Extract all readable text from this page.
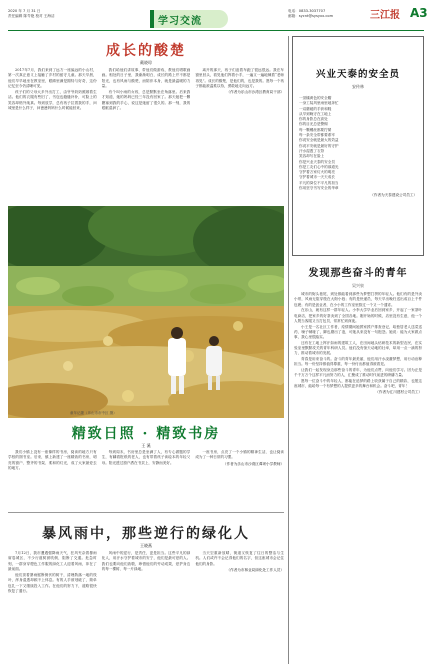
2020 年 7 月 31 日
责任编辑 陈苓艳 校对 王海洁	学习交流
电话：0833-3037707
邮箱：sycnt@sysyxx.com	三江报 A3
成长的酸楚
戴晓琼
2017年7月，我们来到了远方一座偏远的小山村，第一次真正意义上接触了乡村的留守儿童。那天早晨，他们早早地坐在教室里，眼睛里满是期待与好奇，这份记忆至今仍清晰可见。
孩子们的父母大多外出打工，由爷爷奶奶照顾着生活。他们的衣服有些旧了，书包也缝缝补补，可脸上的笑容却格外纯真。每到放学，总有孩子拉着我的手，问城里是什么样子，问爸爸妈妈什么时候能回来。
我们给他们讲故事、带他们做游戏、教他们唱歌画画。相处的日子里，我渐渐明白，成长的路上并不都是阳光，也有风雨与酸楚，而陪伴本身，就是最温暖的力量。
有个叫小雨的女孩，总是默默坐在角落里。后来我才知道，她的妈妈已经三年没有回家了。那天她把一颗糖塞到我的手心，说这是她留了很久的。那一刻，我的眼眶湿润了。
离开的那天，孩子们追着车跑了很远很远。我在车窗里回头，看见他们挥着小手，一遍又一遍地喊着“老师再见”。成长的酸楚，是他们的，也是我的。愿每一个孩子都能被温柔以待，勇敢地走向远方。
（作者为乐山市沙湾区教育局干部）
童年记趣（乐山市市中区 摄）
精致日照 · 精致书房
王 溪
我们小镇上没有一座像样的书房，阅读的地方只有学校的图书室。后来，镇上新建了一座精致的书房，明亮的窗户、整齐的书架、柔和的灯光，成了大家最爱去的地方。
每到周末，书房里总是坐满了人，有专心做题的学生，有翻看报纸的老人，也有带着孩子读绘本的年轻父母。阳光透过窗户洒在书页上，安静而美好。
一座书房，点亮了一个小镇的精神生活，也让阅读成为了一种日常的习惯。
（作者为乐山市沙湾区谭坝小学教师）
暴风雨中，那些逆行的绿化人
王晓燕
7月12日，我市遭遇强降雨天气，狂风夹杂着暴雨席卷城区，不少行道树被吹倒，阻断了交通。危急时刻，一群身穿橙色工作服的绿化工人迎着风雨，冲在了最前面。
他们顶着暴雨锯断倒伏的树干，清理散落一地的枝叶，浑身湿透却顾不上休息。有的人手被划破了，简单包扎一下又继续投入工作。在他们的努力下，道路很快恢复了通行。
风雨中的逆行，是责任，更是担当。这些平凡的绿化人，用汗水守护着城市的安宁，他们是最可爱的人。我们也要向他们致敬，珍惜他们的劳动成果，爱护身边的每一棵树、每一片绿地。
当天空重新放晴，街道又恢复了往日的整洁与生机。人们或许不会记得他们的名字，但这座城市会记住他们的身影。
（作者为市林业局绿化处工作人员）
兴业天泰的安全员
安传林
一顶橘黄色的安全帽
一身工装风里雨里地奔忙
一双磨破的手套和鞋
从早到晚守在工地上
你的身影总在高处
你的目光总是警惕
每一颗螺丝都要拧紧
每一条安全带都要系牢
你说安全就是最大的效益
你说平安就是最好的守护
汗水湿透了衣背
笑容却写在脸上
你是兴业天泰的安全员
你是工友们心中的那道光
守护着万家灯火的明亮
守护着城市一天天成长
平凡的岗位不平凡的担当
你用坚守书写安全的华章
（作者为天泰建设公司员工）
发现那些奋斗的青年
吴兴泉
城市的街头巷尾，到处都能看到那些为梦想打拼的年轻人。他们有的是外卖小哥，风雨无阻穿梭在大街小巷；有的是快递员，每天早出晚归送出成百上千件包裹；有的是创业者，在小小的工作室里熬过一个又一个通宵。
在乐山，就有这样一群年轻人。小李大学毕业后回到家乡，开起了一家茶叶电商店，把家乡的好茶卖到了全国各地。刚开始的时候，店里没有生意，他一个人既当客服又当打包员，常常忙到深夜。
小王是一名社区工作者，疫情期间她挨家挨户排查登记，给独居老人送菜送药，嗓子喊哑了，脚也磨出了泡，可她从来没有一句抱怨。她说：能为大家做点事，我心里很踏实。
还有在工地上挥汗如雨的建筑工人，在田间地头钻研技术的新型农民，在实验室里默默攻关的青年科研人员。他们没有惊天动地的壮举，却用一点一滴的努力，推动着城市的发展。
青春是用来奋斗的。奋斗的青年最美丽，他们用汗水浇灌梦想，用行动诠释担当。每一份坚持都值得尊重，每一份付出都值得被看见。
让我们一起发现身边那些奋斗的青年，为他们点赞，向他们学习。因为正是千千万万个这样平凡而努力的人，汇聚成了推动时代前进的磅礴力量。
愿每一位奋斗中的年轻人，都能在追梦的路上收获属于自己的精彩，也愿这座城市，能给每一个有梦想的人提供更多的舞台和机会。奋斗吧，青年！
（作者为汇川建材公司员工）
